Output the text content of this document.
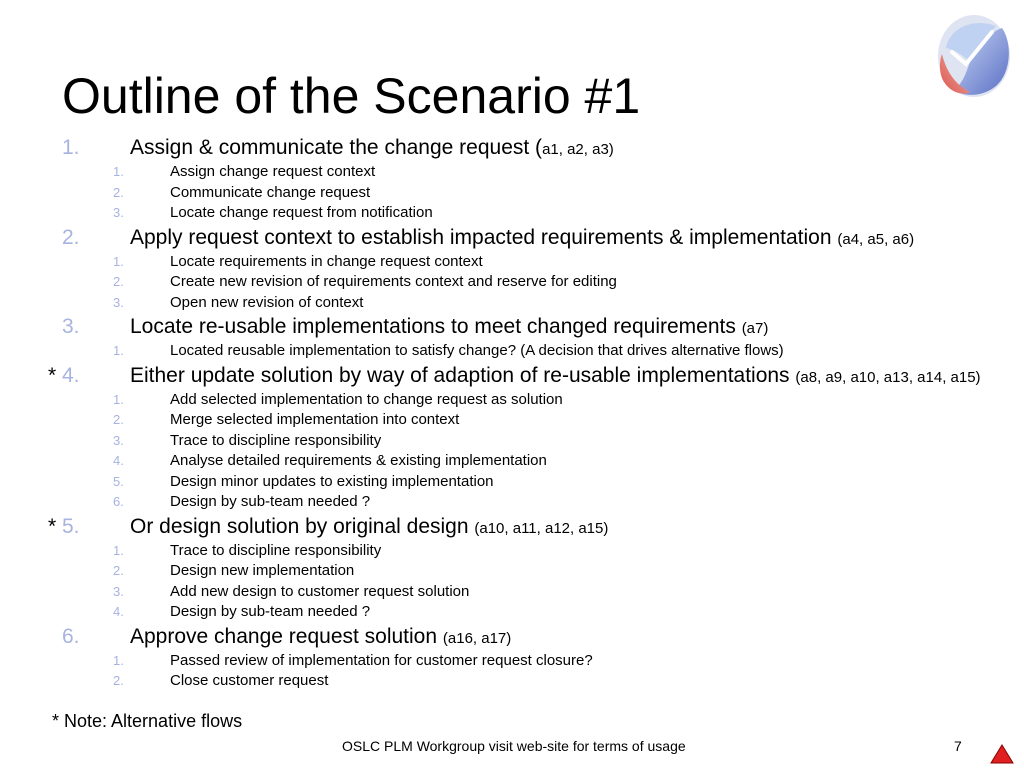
Outline of the Scenario #1
1. Assign & communicate the change request (a1, a2, a3)
1.	Assign change request context
2.	Communicate change request
3.	Locate change request from notification
2. Apply request context to establish impacted requirements & implementation (a4, a5, a6)
1.	Locate requirements in change request context
2.	Create new revision of requirements context and reserve for editing
3.	Open new revision of context
3. Locate re-usable implementations to meet changed requirements (a7)
1.	Located reusable implementation to satisfy change? (A decision that drives alternative flows)
* 4. Either update solution by way of adaption of re-usable implementations (a8, a9, a10, a13, a14, a15)
1.	Add selected implementation to change request as solution
2.	Merge selected implementation into context
3.	Trace to discipline responsibility
4.	Analyse detailed requirements & existing implementation
5.	Design minor updates to existing implementation
6.	Design by sub-team needed ?
* 5. Or design solution by original design (a10, a11, a12, a15)
1.	Trace to discipline responsibility
2.	Design new implementation
3.	Add new design to customer request solution
4.	Design by sub-team needed ?
6. Approve change request solution (a16, a17)
1.	Passed review of implementation for customer request closure?
2.	Close customer request
* Note: Alternative flows
OSLC PLM Workgroup visit web-site for terms of usage	7
